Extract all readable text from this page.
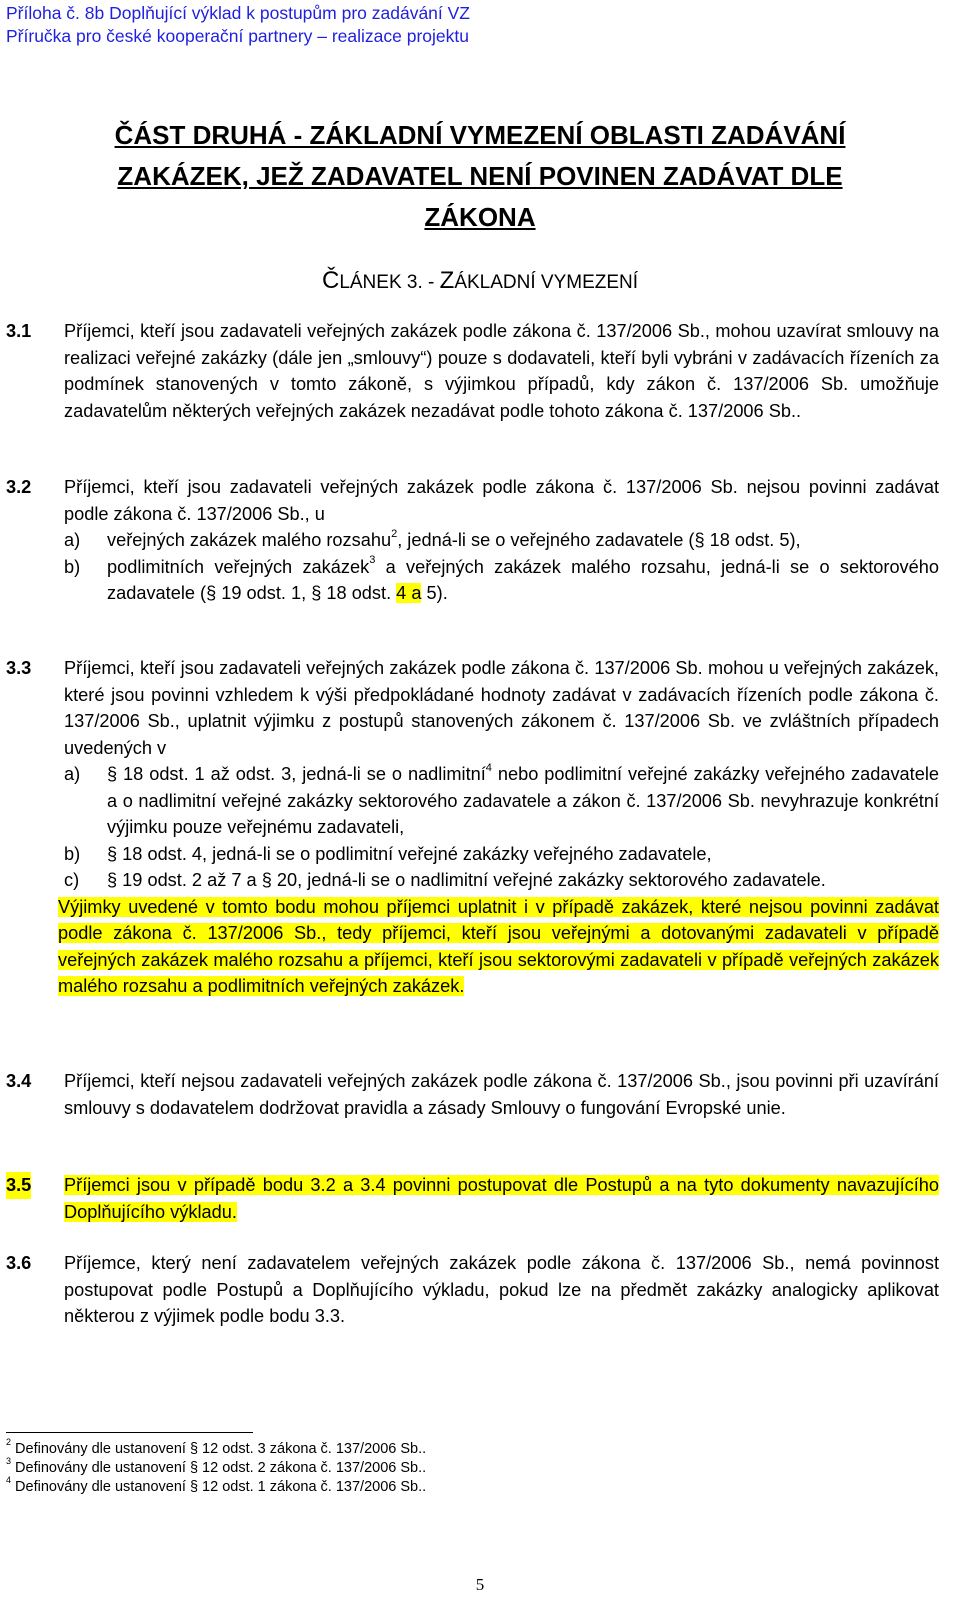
Příloha č. 8b Doplňující výklad k postupům pro zadávání VZ
Příručka pro české kooperační partnery – realizace projektu
ČÁST DRUHÁ - ZÁKLADNÍ VYMEZENÍ OBLASTI ZADÁVÁNÍ
ZAKÁZEK, JEŽ ZADAVATEL NENÍ POVINEN ZADÁVAT DLE
ZÁKONA
ČLÁNEK 3. - ZÁKLADNÍ VYMEZENÍ
3.1 Příjemci, kteří jsou zadavateli veřejných zakázek podle zákona č. 137/2006 Sb., mohou uzavírat smlouvy na realizaci veřejné zakázky (dále jen „smlouvy“) pouze s dodavateli, kteří byli vybráni v zadávacích řízeních za podmínek stanovených v tomto zákoně, s výjimkou případů, kdy zákon č. 137/2006 Sb. umožňuje zadavatelům některých veřejných zakázek nezadávat podle tohoto zákona č. 137/2006 Sb..
3.2 Příjemci, kteří jsou zadavateli veřejných zakázek podle zákona č. 137/2006 Sb. nejsou povinni zadávat podle zákona č. 137/2006 Sb., u
a) veřejných zakázek malého rozsahu$^2$, jedná-li se o veřejného zadavatele (§ 18 odst. 5),
b) podlimitních veřejných zakázek$^3$ a veřejných zakázek malého rozsahu, jedná-li se o sektorového zadavatele (§ 19 odst. 1, § 18 odst. 4 a 5).
3.3 Příjemci, kteří jsou zadavateli veřejných zakázek podle zákona č. 137/2006 Sb. mohou u veřejných zakázek, které jsou povinni vzhledem k výši předpokládané hodnoty zadávat v zadávacích řízeních podle zákona č. 137/2006 Sb., uplatnit výjimku z postupů stanovených zákonem č. 137/2006 Sb. ve zvláštních případech uvedených v
a) § 18 odst. 1 až odst. 3, jedná-li se o nadlimitní$^4$ nebo podlimitní veřejné zakázky veřejného zadavatele a o nadlimitní veřejné zakázky sektorového zadavatele a zákon č. 137/2006 Sb. nevyhrazuje konkrétní výjimku pouze veřejnému zadavateli,
b) § 18 odst. 4, jedná-li se o podlimitní veřejné zakázky veřejného zadavatele,
c) § 19 odst. 2 až 7 a § 20, jedná-li se o nadlimitní veřejné zakázky sektorového zadavatele.
Výjimky uvedené v tomto bodu mohou příjemci uplatnit i v případě zakázek, které nejsou povinni zadávat podle zákona č. 137/2006 Sb., tedy příjemci, kteří jsou veřejnými a dotovanými zadavateli v případě veřejných zakázek malého rozsahu a příjemci, kteří jsou sektorovými zadavateli v případě veřejných zakázek malého rozsahu a podlimitních veřejných zakázek.
3.4 Příjemci, kteří nejsou zadavateli veřejných zakázek podle zákona č. 137/2006 Sb., jsou povinni při uzavírání smlouvy s dodavatelem dodržovat pravidla a zásady Smlouvy o fungování Evropské unie.
3.5 Příjemci jsou v případě bodu 3.2 a 3.4 povinni postupovat dle Postupů a na tyto dokumenty navazujícího Doplňujícího výkladu.
3.6 Příjemce, který není zadavatelem veřejných zakázek podle zákona č. 137/2006 Sb., nemá povinnost postupovat podle Postupů a Doplňujícího výkladu, pokud lze na předmět zakázky analogicky aplikovat některou z výjimek podle bodu 3.3.
$^2$ Definovány dle ustanovení § 12 odst. 3 zákona č. 137/2006 Sb..
$^3$ Definovány dle ustanovení § 12 odst. 2 zákona č. 137/2006 Sb..
$^4$ Definovány dle ustanovení § 12 odst. 1 zákona č. 137/2006 Sb..
5
